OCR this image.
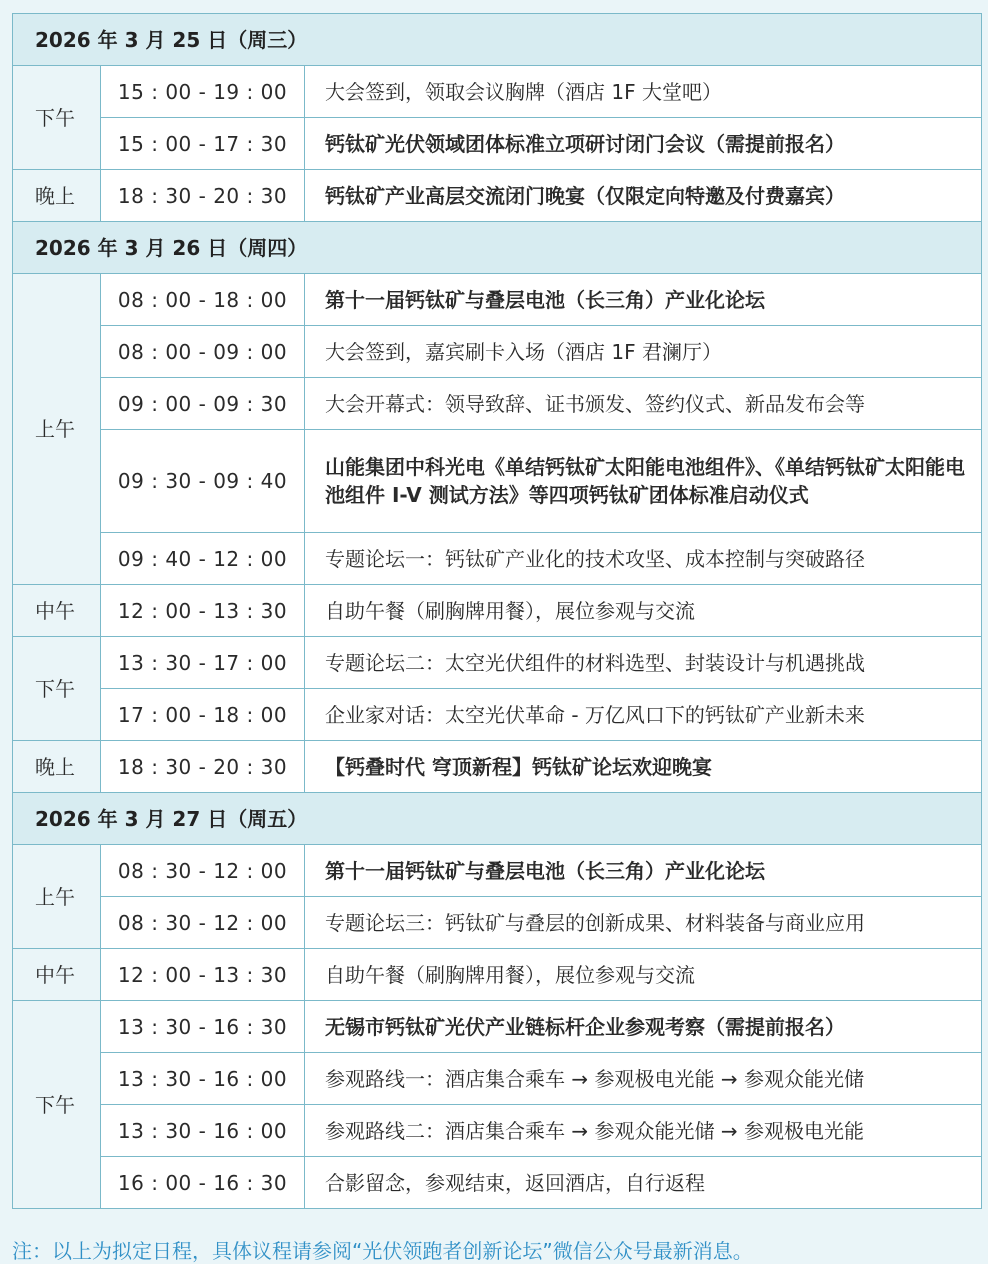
2026 年 3 月 25 日（周三）		
下午	15 : 00 - 19 : 00	大会签到，领取会议胸牌（酒店 1F 大堂吧）
	15 : 00 - 17 : 30	钙钛矿光伏领域团体标准立项研讨闭门会议（需提前报名）
晚上	18 : 30 - 20 : 30	钙钛矿产业高层交流闭门晚宴（仅限定向特邀及付费嘉宾）
2026 年 3 月 26 日（周四）		
上午	08 : 00 - 18 : 00	第十一届钙钛矿与叠层电池（长三角）产业化论坛
	08 : 00 - 09 : 00	大会签到，嘉宾刷卡入场（酒店 1F 君澜厅）
	09 : 00 - 09 : 30	大会开幕式：领导致辞、证书颁发、签约仪式、新品发布会等
	09 : 30 - 09 : 40	山能集团中科光电《单结钙钛矿太阳能电池组件》、《单结钙钛矿太阳能电池组件 I-V 测试方法》等四项钙钛矿团体标准启动仪式
	09 : 40 - 12 : 00	专题论坛一：钙钛矿产业化的技术攻坚、成本控制与突破路径
中午	12 : 00 - 13 : 30	自助午餐（刷胸牌用餐），展位参观与交流
下午	13 : 30 - 17 : 00	专题论坛二：太空光伏组件的材料选型、封装设计与机遇挑战
	17 : 00 - 18 : 00	企业家对话：太空光伏革命 - 万亿风口下的钙钛矿产业新未来
晚上	18 : 30 - 20 : 30	【钙叠时代 穹顶新程】钙钛矿论坛欢迎晚宴
2026 年 3 月 27 日（周五）		
上午	08 : 30 - 12 : 00	第十一届钙钛矿与叠层电池（长三角）产业化论坛
	08 : 30 - 12 : 00	专题论坛三：钙钛矿与叠层的创新成果、材料装备与商业应用
中午	12 : 00 - 13 : 30	自助午餐（刷胸牌用餐），展位参观与交流
下午	13 : 30 - 16 : 30	无锡市钙钛矿光伏产业链标杆企业参观考察（需提前报名）
	13 : 30 - 16 : 00	参观路线一：酒店集合乘车 → 参观极电光能 → 参观众能光储
	13 : 30 - 16 : 00	参观路线二：酒店集合乘车 → 参观众能光储 → 参观极电光能
	16 : 00 - 16 : 30	合影留念，参观结束，返回酒店，自行返程
注：以上为拟定日程，具体议程请参阅“光伏领跑者创新论坛”微信公众号最新消息。
